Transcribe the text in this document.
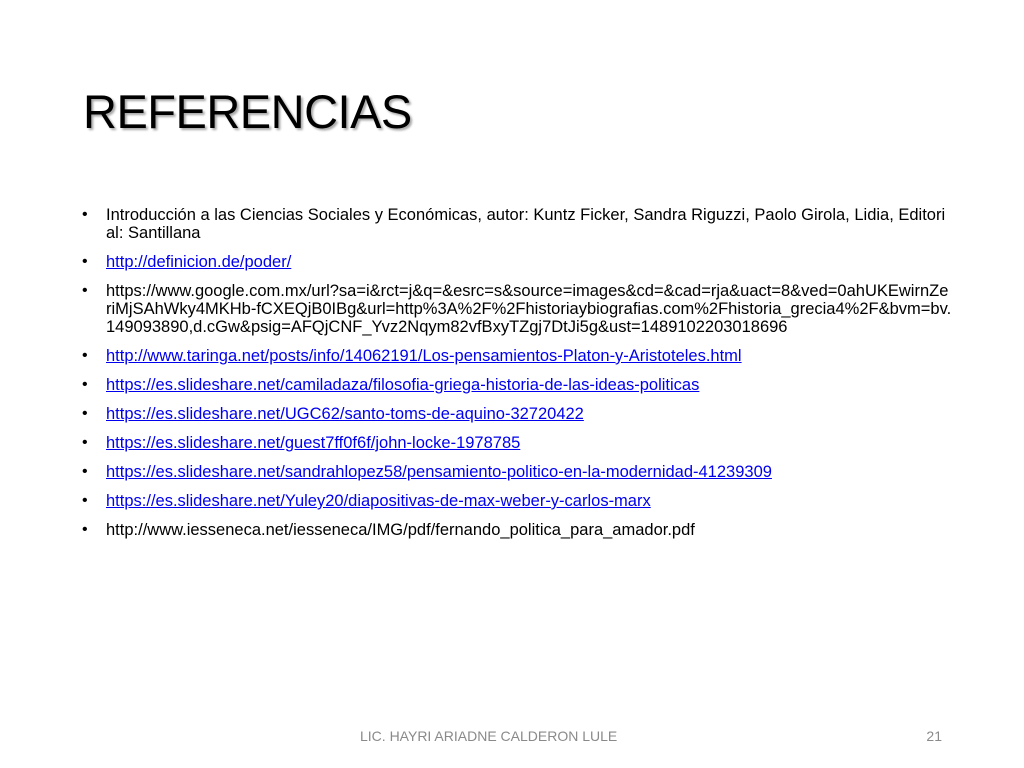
REFERENCIAS
• Introducción a las Ciencias Sociales y Económicas, autor: Kuntz Ficker, Sandra Riguzzi, Paolo Girola, Lidia, Editorial: Santillana
• http://definicion.de/poder/
• https://www.google.com.mx/url?sa=i&rct=j&q=&esrc=s&source=images&cd=&cad=rja&uact=8&ved=0ahUKEwirnZeriMjSAhWky4MKHb-fCXEQjB0IBg&url=http%3A%2F%2Fhistoriaybiografias.com%2Fhistoria_grecia4%2F&bvm=bv.149093890,d.cGw&psig=AFQjCNF_Yvz2Nqym82vfBxyTZgj7DtJi5g&ust=1489102203018696
• http://www.taringa.net/posts/info/14062191/Los-pensamientos-Platon-y-Aristoteles.html
• https://es.slideshare.net/camiladaza/filosofia-griega-historia-de-las-ideas-politicas
• https://es.slideshare.net/UGC62/santo-toms-de-aquino-32720422
• https://es.slideshare.net/guest7ff0f6f/john-locke-1978785
• https://es.slideshare.net/sandrahlopez58/pensamiento-politico-en-la-modernidad-41239309
• https://es.slideshare.net/Yuley20/diapositivas-de-max-weber-y-carlos-marx
• http://www.iesseneca.net/iesseneca/IMG/pdf/fernando_politica_para_amador.pdf
LIC. HAYRI ARIADNE CALDERON LULE	21
